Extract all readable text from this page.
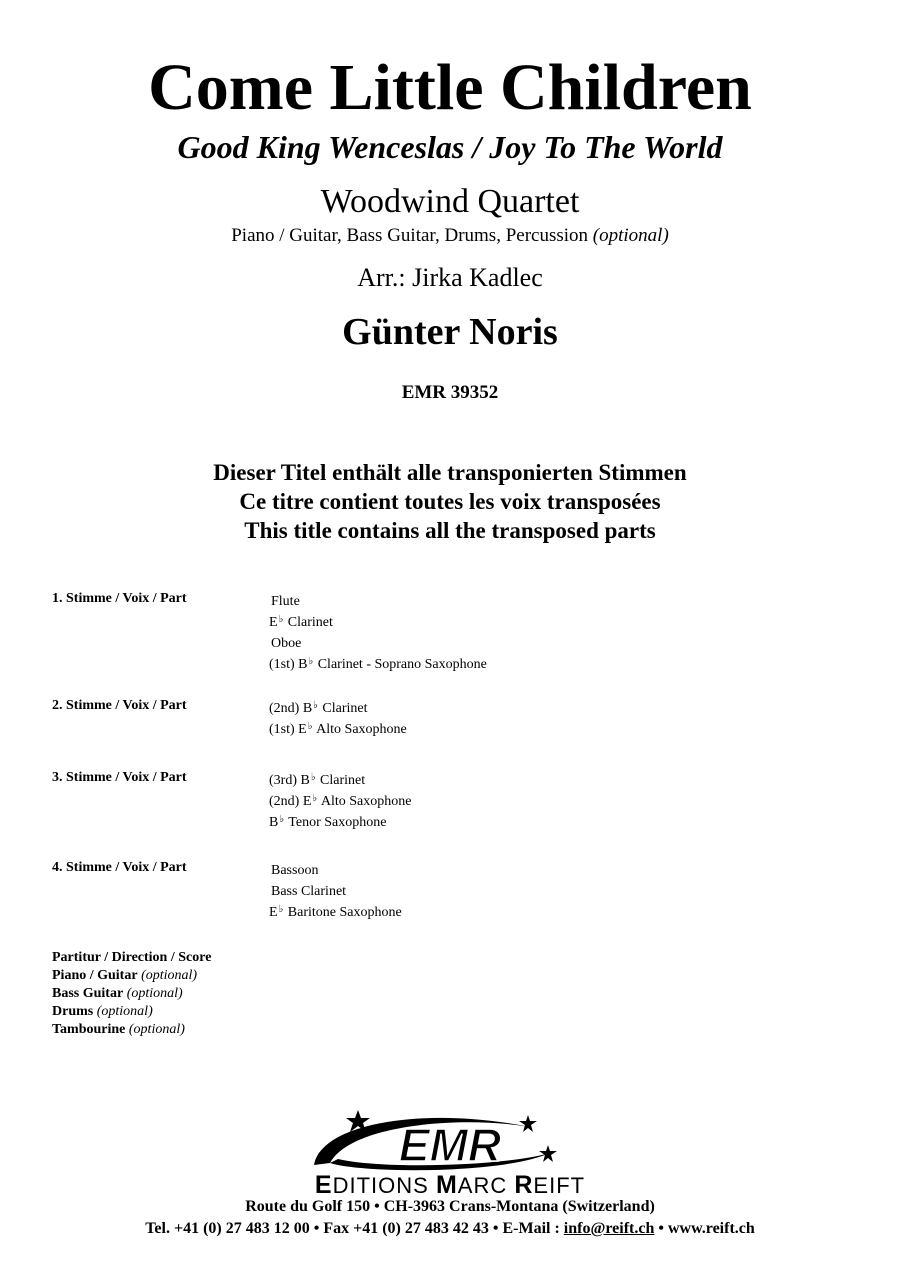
Come Little Children
Good King Wenceslas / Joy To The World
Woodwind Quartet
Piano / Guitar, Bass Guitar, Drums, Percussion (optional)
Arr.: Jirka Kadlec
Günter Noris
EMR 39352
Dieser Titel enthält alle transponierten Stimmen
Ce titre contient toutes les voix transposées
This title contains all the transposed parts
1. Stimme / Voix / Part	Flute
E♭ Clarinet
Oboe
(1st) B♭ Clarinet - Soprano Saxophone
2. Stimme / Voix / Part	(2nd) B♭ Clarinet
(1st) E♭ Alto Saxophone
3. Stimme / Voix / Part	(3rd) B♭ Clarinet
(2nd) E♭ Alto Saxophone
B♭ Tenor Saxophone
4. Stimme / Voix / Part	Bassoon
Bass Clarinet
E♭ Baritone Saxophone
Partitur / Direction / Score
Piano / Guitar (optional)
Bass Guitar (optional)
Drums (optional)
Tambourine (optional)
EMR
EDITIONS MARC REIFT
Route du Golf 150 • CH-3963 Crans-Montana (Switzerland)
Tel. +41 (0) 27 483 12 00 • Fax +41 (0) 27 483 42 43 • E-Mail : info@reift.ch • www.reift.ch
